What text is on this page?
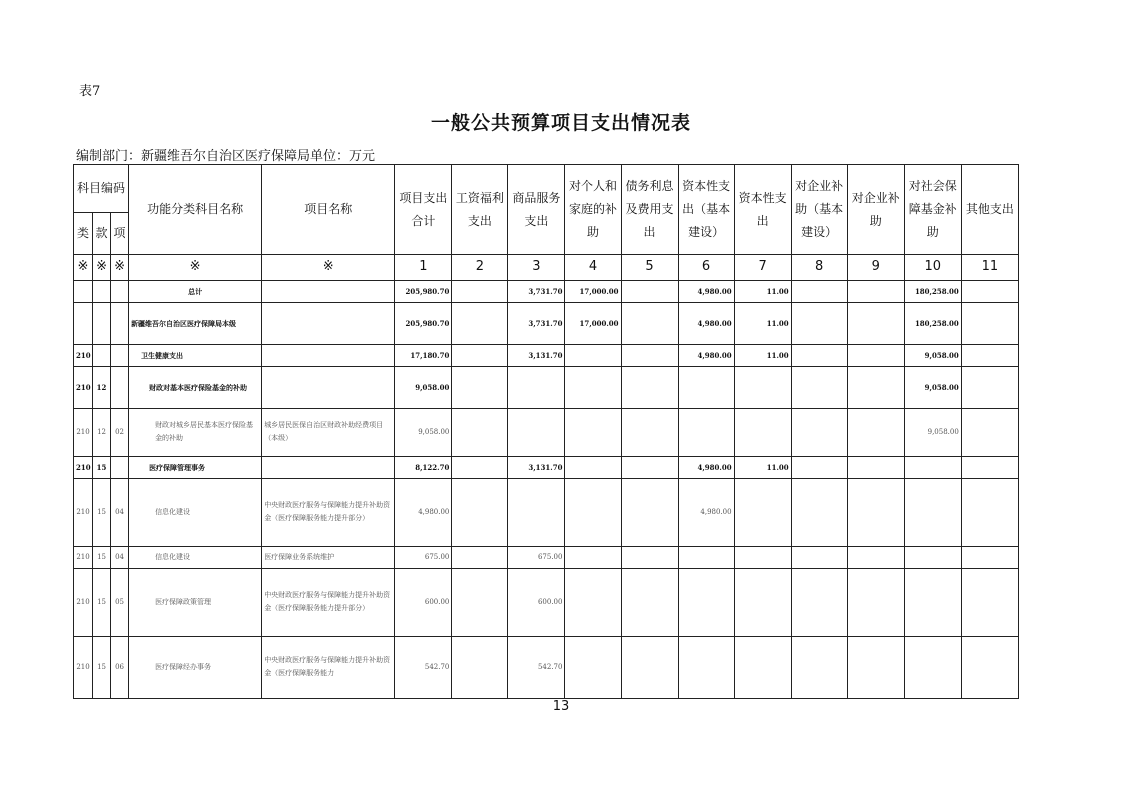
表7
一般公共预算项目支出情况表
编制部门：新疆维吾尔自治区医疗保障局单位：万元
科目编码			功能分类科目名称	项目名称	项目支出合计	工资福利支出	商品服务支出	对个人和家庭的补助	债务利息及费用支出	资本性支出（基本建设）	资本性支出	对企业补助（基本建设）	对企业补助	对社会保障基金补助	其他支出
类	款	项													
※	※	※	※	※	1	2	3	4	5	6	7	8	9	10	11
			总计		205,980.70		3,731.70	17,000.00		4,980.00	11.00			180,258.00	
			新疆维吾尔自治区医疗保障局本级		205,980.70		3,731.70	17,000.00		4,980.00	11.00			180,258.00	
210			卫生健康支出		17,180.70		3,131.70			4,980.00	11.00			9,058.00	
210	12		财政对基本医疗保险基金的补助		9,058.00									9,058.00	
210	12	02	财政对城乡居民基本医疗保险基金的补助	城乡居民医保自治区财政补助经费项目（本级）	9,058.00									9,058.00	
210	15		医疗保障管理事务		8,122.70		3,131.70			4,980.00	11.00				
210	15	04	信息化建设	中央财政医疗服务与保障能力提升补助资金（医疗保障服务能力提升部分）	4,980.00					4,980.00					
210	15	04	信息化建设	医疗保障业务系统维护	675.00		675.00								
210	15	05	医疗保障政策管理	中央财政医疗服务与保障能力提升补助资金（医疗保障服务能力提升部分）	600.00		600.00								
210	15	06	医疗保障经办事务	中央财政医疗服务与保障能力提升补助资金（医疗保障服务能力	542.70		542.70								
13
